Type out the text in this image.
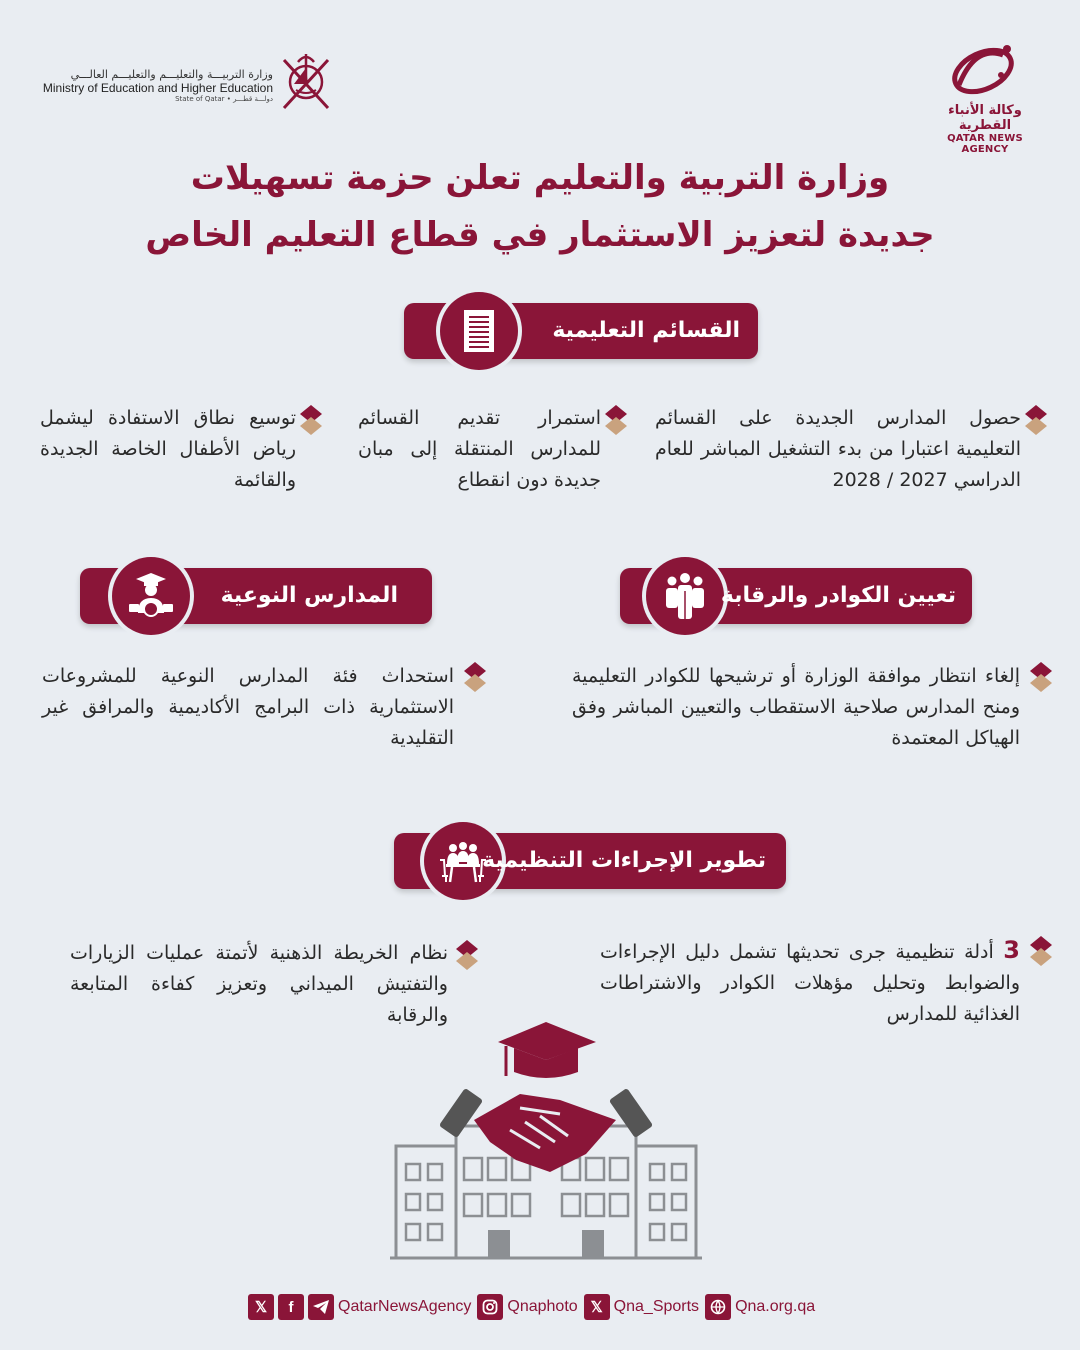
وكالة الأنباء القطرية
QATAR NEWS AGENCY
وزارة التربيـــة والتعليـــم والتعليـــم العالـــي
Ministry of Education and Higher Education
State of Qatar • دولـــة قطـــر
وزارة التربية والتعليم تعلن حزمة تسهيلات
جديدة لتعزيز الاستثمار في قطاع التعليم الخاص
القسائم التعليمية
حصول المدارس الجديدة على القسائم التعليمية اعتبارا من بدء التشغيل المباشر للعام الدراسي 2027 / 2028
استمرار تقديم القسائم للمدارس المنتقلة إلى مبان جديدة دون انقطاع
توسيع نطاق الاستفادة ليشمل رياض الأطفال الخاصة الجديدة والقائمة
تعيين الكوادر والرقابة
المدارس النوعية
إلغاء انتظار موافقة الوزارة أو ترشيحها للكوادر التعليمية ومنح المدارس صلاحية الاستقطاب والتعيين المباشر وفق الهياكل المعتمدة
استحداث فئة المدارس النوعية للمشروعات الاستثمارية ذات البرامج الأكاديمية والمرافق غير التقليدية
تطوير الإجراءات التنظيمية
3 أدلة تنظيمية جرى تحديثها تشمل دليل الإجراءات والضوابط وتحليل مؤهلات الكوادر والاشتراطات الغذائية للمدارس
نظام الخريطة الذهنية لأتمتة عمليات الزيارات والتفتيش الميداني وتعزيز كفاءة المتابعة والرقابة
𝕏	f	QatarNewsAgency Qnaphoto 𝕏 Qna_Sports Qna.org.qa
